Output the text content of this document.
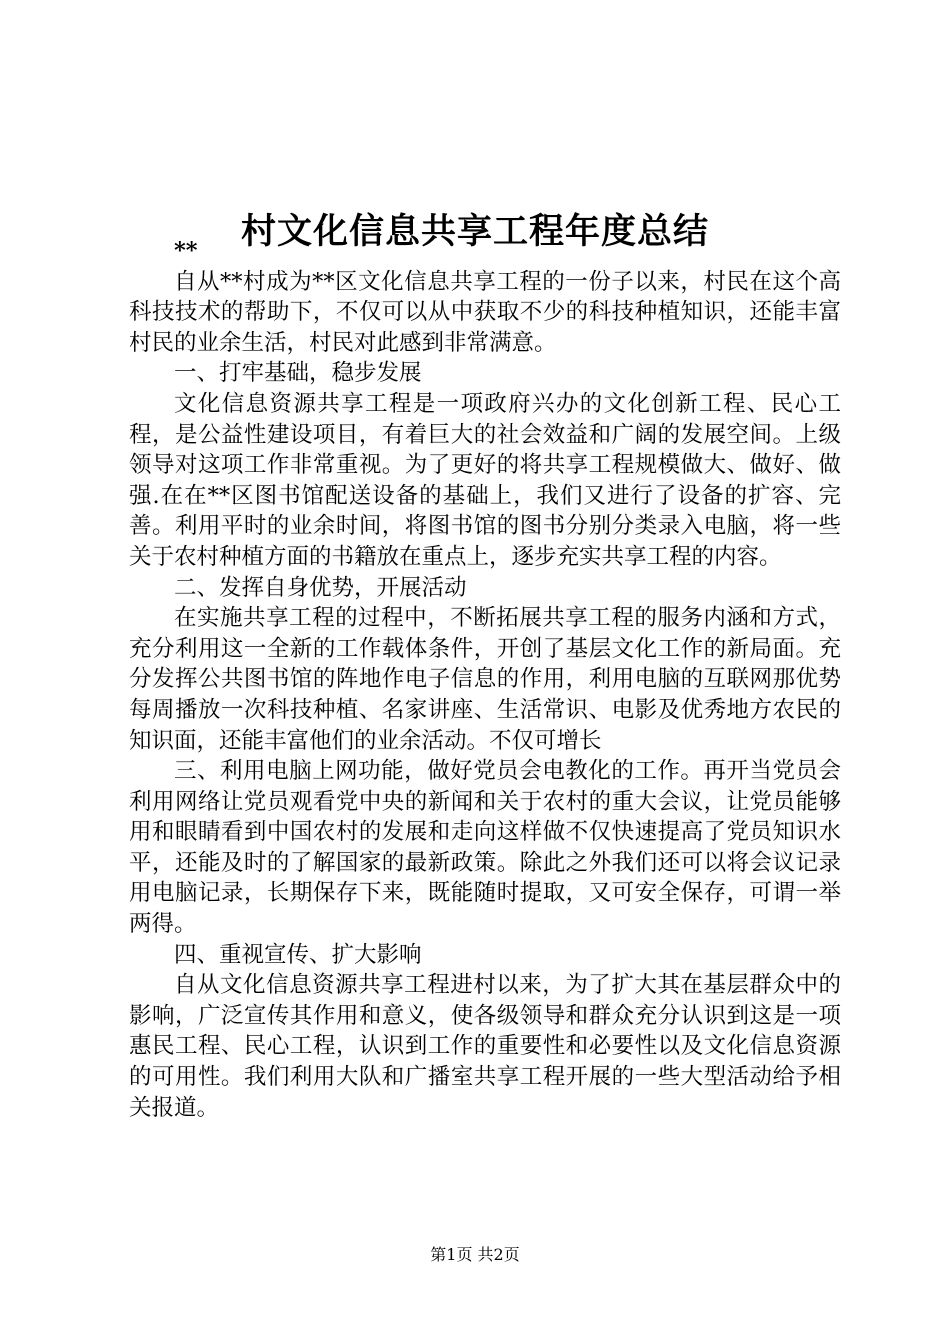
村文化信息共享工程年度总结

**

自从**村成为**区文化信息共享工程的一份子以来，村民在这个高科技技术的帮助下，不仅可以从中获取不少的科技种植知识，还能丰富村民的业余生活，村民对此感到非常满意。

一、打牢基础，稳步发展

文化信息资源共享工程是一项政府兴办的文化创新工程、民心工程，是公益性建设项目，有着巨大的社会效益和广阔的发展空间。上级领导对这项工作非常重视。为了更好的将共享工程规模做大、做好、做强.在在**区图书馆配送设备的基础上，我们又进行了设备的扩容、完善。利用平时的业余时间，将图书馆的图书分别分类录入电脑，将一些关于农村种植方面的书籍放在重点上，逐步充实共享工程的内容。

二、发挥自身优势，开展活动

在实施共享工程的过程中，不断拓展共享工程的服务内涵和方式，充分利用这一全新的工作载体条件，开创了基层文化工作的新局面。充分发挥公共图书馆的阵地作电子信息的作用，利用电脑的互联网那优势每周播放一次科技种植、名家讲座、生活常识、电影及优秀地方农民的知识面，还能丰富他们的业余活动。不仅可增长

三、利用电脑上网功能，做好党员会电教化的工作。再开当党员会利用网络让党员观看党中央的新闻和关于农村的重大会议，让党员能够用和眼睛看到中国农村的发展和走向这样做不仅快速提高了党员知识水平，还能及时的了解国家的最新政策。除此之外我们还可以将会议记录用电脑记录，长期保存下来，既能随时提取，又可安全保存，可谓一举两得。

四、重视宣传、扩大影响

自从文化信息资源共享工程进村以来，为了扩大其在基层群众中的影响，广泛宣传其作用和意义，使各级领导和群众充分认识到这是一项惠民工程、民心工程，认识到工作的重要性和必要性以及文化信息资源的可用性。我们利用大队和广播室共享工程开展的一些大型活动给予相关报道。

第1页 共2页
